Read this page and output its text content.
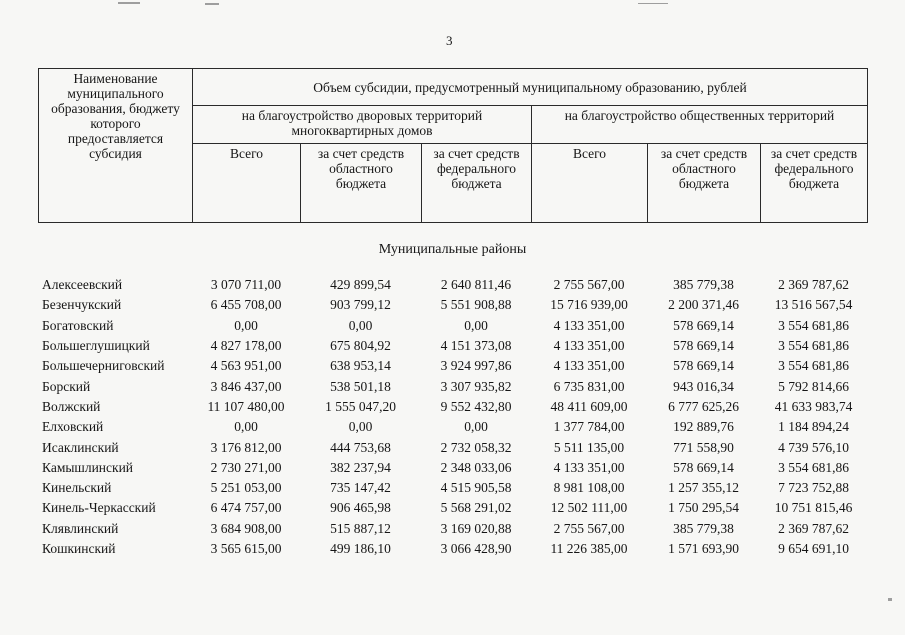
3
Наименование муниципального образования, бюджету которого предоставляется субсидия	Объем субсидии, предусмотренный муниципальному образованию, рублей					
	на благоустройство дворовых территорий многоквартирных домов			на благоустройство общественных территорий		
	Всего	за счет средств областного бюджета	за счет средств федерального бюджета	Всего	за счет средств областного бюджета	за счет средств федерального бюджета
Муниципальные районы
Алексеевский	3 070 711,00	429 899,54	2 640 811,46	2 755 567,00	385 779,38	2 369 787,62
Безенчукский	6 455 708,00	903 799,12	5 551 908,88	15 716 939,00	2 200 371,46	13 516 567,54
Богатовский	0,00	0,00	0,00	4 133 351,00	578 669,14	3 554 681,86
Большеглушицкий	4 827 178,00	675 804,92	4 151 373,08	4 133 351,00	578 669,14	3 554 681,86
Большечерниговский	4 563 951,00	638 953,14	3 924 997,86	4 133 351,00	578 669,14	3 554 681,86
Борский	3 846 437,00	538 501,18	3 307 935,82	6 735 831,00	943 016,34	5 792 814,66
Волжский	11 107 480,00	1 555 047,20	9 552 432,80	48 411 609,00	6 777 625,26	41 633 983,74
Елховский	0,00	0,00	0,00	1 377 784,00	192 889,76	1 184 894,24
Исаклинский	3 176 812,00	444 753,68	2 732 058,32	5 511 135,00	771 558,90	4 739 576,10
Камышлинский	2 730 271,00	382 237,94	2 348 033,06	4 133 351,00	578 669,14	3 554 681,86
Кинельский	5 251 053,00	735 147,42	4 515 905,58	8 981 108,00	1 257 355,12	7 723 752,88
Кинель-Черкасский	6 474 757,00	906 465,98	5 568 291,02	12 502 111,00	1 750 295,54	10 751 815,46
Клявлинский	3 684 908,00	515 887,12	3 169 020,88	2 755 567,00	385 779,38	2 369 787,62
Кошкинский	3 565 615,00	499 186,10	3 066 428,90	11 226 385,00	1 571 693,90	9 654 691,10
